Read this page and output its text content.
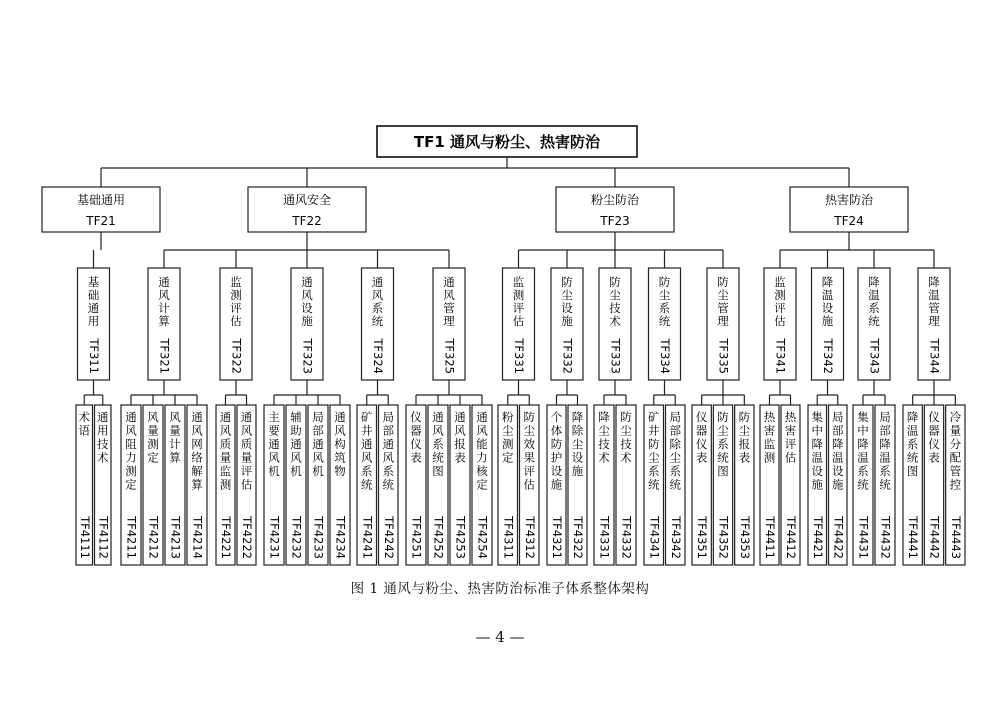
TF1 通风与粉尘、热害防治
基础通用
TF21
基础通用
TF311
术语
TF4111
通用技术
TF4112
通风安全
TF22
通风计算
TF321
通风阻力测定
TF4211
风量测定
TF4212
风量计算
TF4213
通风网络解算
TF4214
监测评估
TF322
通风质量监测
TF4221
通风质量评估
TF4222
通风设施
TF323
主要通风机
TF4231
辅助通风机
TF4232
局部通风机
TF4233
通风构筑物
TF4234
通风系统
TF324
矿井通风系统
TF4241
局部通风系统
TF4242
通风管理
TF325
仪器仪表
TF4251
通风系统图
TF4252
通风报表
TF4253
通风能力核定
TF4254
粉尘防治
TF23
监测评估
TF331
粉尘测定
TF4311
防尘效果评估
TF4312
防尘设施
TF332
个体防护设施
TF4321
降除尘设施
TF4322
防尘技术
TF333
降尘技术
TF4331
防尘技术
TF4332
防尘系统
TF334
矿井防尘系统
TF4341
局部除尘系统
TF4342
防尘管理
TF335
仪器仪表
TF4351
防尘系统图
TF4352
防尘报表
TF4353
热害防治
TF24
监测评估
TF341
热害监测
TF4411
热害评估
TF4412
降温设施
TF342
集中降温设施
TF4421
局部降温设施
TF4422
降温系统
TF343
集中降温系统
TF4431
局部降温系统
TF4432
降温管理
TF344
降温系统图
TF4441
仪器仪表
TF4442
冷量分配管控
TF4443
图 1 通风与粉尘、热害防治标准子体系整体架构
— 4 —
